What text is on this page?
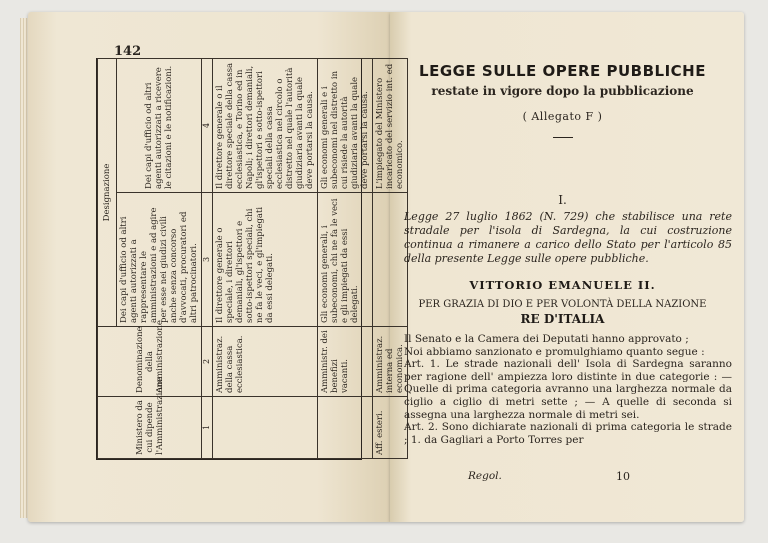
142
Ministero da cui dipende l'Amministrazione	Denominazione della Amministrazione	Designazione	
		Dei capi d'ufficio od altri agenti autorizzati a rappresentare le amministrazioni e ad agire per esse nei giudizi civili anche senza concorso d'avvocati, procuratori ed altri patrocinatori.	Dei capi d'ufficio od altri agenti autorizzati a ricevere le citazioni e le notificazioni.
1	2	3	4
	Amministraz. della cassa ecclesiastica.	Il direttore generale o speciale, i direttori demaniali, gl'ispettori e sotto-ispettori speciali, chi ne fa le veci, e gl'impiegati da essi delegati.	Il direttore generale o il direttore speciale della cassa ecclesiastica, e Torino ed in Napoli; i direttori demaniali, gl'ispettori e sotto-ispettori speciali della cassa ecclesiastica nel circolo o distretto nel quale l'autorità giudiziaria avanti la quale deve portarsi la causa.
	Amministr. dei benefizi vacanti.	Gli economi generali, i subeconomi, chi ne fa le veci e gli impiegati da essi delegati.	Gli economi generali e i subeconomi nel distretto in cui risiede la autorità giudiziaria avanti la quale deve portarsi la causa.
Aff. esteri.	Amministraz. interna ed economica.		L'impiegato del Ministero incaricato del servizio int. ed economico.
LEGGE SULLE OPERE PUBBLICHE
restate in vigore dopo la pubblicazione
( Allegato F )
I.
Legge 27 luglio 1862 (N. 729) che stabilisce una rete stradale per l'isola di Sardegna, la cui costruzione continua a rimanere a carico dello Stato per l'articolo 85 della presente Legge sulle opere pubbliche.
VITTORIO EMANUELE II.
PER GRAZIA DI DIO E PER VOLONTÀ DELLA NAZIONE
RE D'ITALIA

Il Senato e la Camera dei Deputati hanno approvato ;

Noi abbiamo sanzionato e promulghiamo quanto segue :

Art. 1. Le strade nazionali dell' Isola di Sardegna saranno per ragione dell' ampiezza loro distinte in due categorie : — Quelle di prima categoria avranno una larghezza normale da ciglio a ciglio di metri sette ; — A quelle di seconda si assegna una larghezza normale di metri sei.

Art. 2. Sono dichiarate nazionali di prima categoria le strade ; 1. da Gagliari a Porto Torres per

Regol.	10
